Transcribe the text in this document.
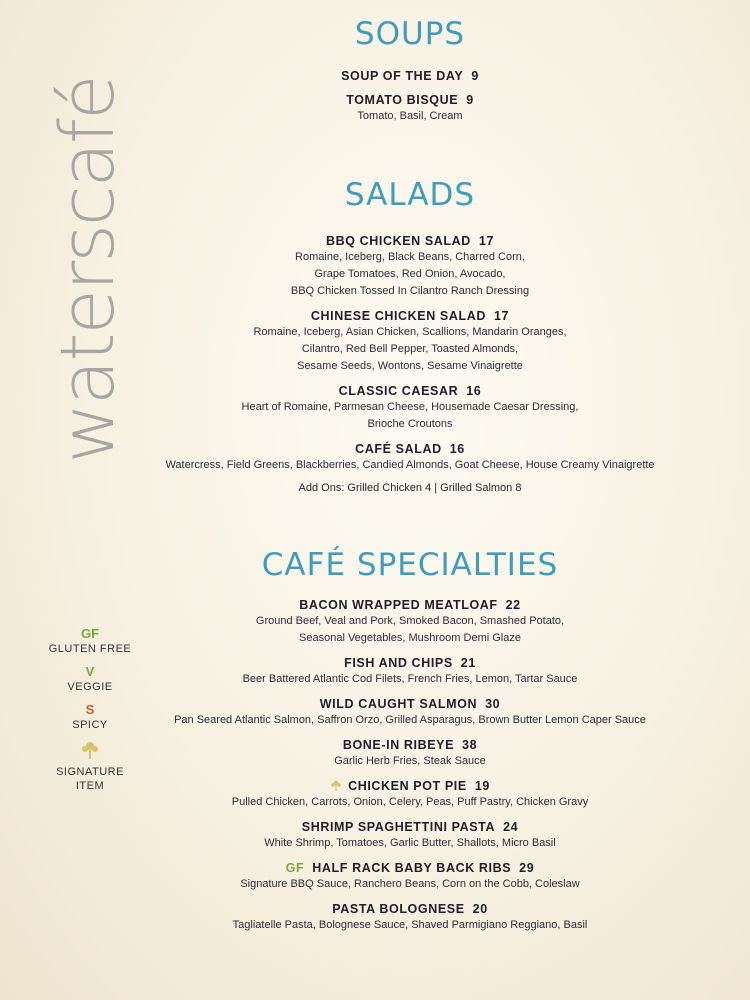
waterscafé
GF
GLUTEN FREE
V
VEGGIE
S
SPICY
SIGNATURE
ITEM
SOUPS
SOUP OF THE DAY 9
TOMATO BISQUE 9
Tomato, Basil, Cream
SALADS
BBQ CHICKEN SALAD 17
Romaine, Iceberg, Black Beans, Charred Corn,
Grape Tomatoes, Red Onion, Avocado,
BBQ Chicken Tossed In Cilantro Ranch Dressing
CHINESE CHICKEN SALAD 17
Romaine, Iceberg, Asian Chicken, Scallions, Mandarin Oranges,
Cilantro, Red Bell Pepper, Toasted Almonds,
Sesame Seeds, Wontons, Sesame Vinaigrette
CLASSIC CAESAR 16
Heart of Romaine, Parmesan Cheese, Housemade Caesar Dressing,
Brioche Croutons
CAFÉ SALAD 16
Watercress, Field Greens, Blackberries, Candied Almonds, Goat Cheese, House Creamy Vinaigrette
Add Ons: Grilled Chicken 4 | Grilled Salmon 8
CAFÉ SPECIALTIES
BACON WRAPPED MEATLOAF 22
Ground Beef, Veal and Pork, Smoked Bacon, Smashed Potato,
Seasonal Vegetables, Mushroom Demi Glaze
FISH AND CHIPS 21
Beer Battered Atlantic Cod Filets, French Fries, Lemon, Tartar Sauce
WILD CAUGHT SALMON 30
Pan Seared Atlantic Salmon, Saffron Orzo, Grilled Asparagus, Brown Butter Lemon Caper Sauce
BONE-IN RIBEYE 38
Garlic Herb Fries, Steak Sauce
CHICKEN POT PIE 19
Pulled Chicken, Carrots, Onion, Celery, Peas, Puff Pastry, Chicken Gravy
SHRIMP SPAGHETTINI PASTA 24
White Shrimp, Tomatoes, Garlic Butter, Shallots, Micro Basil
GF HALF RACK BABY BACK RIBS 29
Signature BBQ Sauce, Ranchero Beans, Corn on the Cobb, Coleslaw
PASTA BOLOGNESE 20
Tagliatelle Pasta, Bolognese Sauce, Shaved Parmigiano Reggiano, Basil
